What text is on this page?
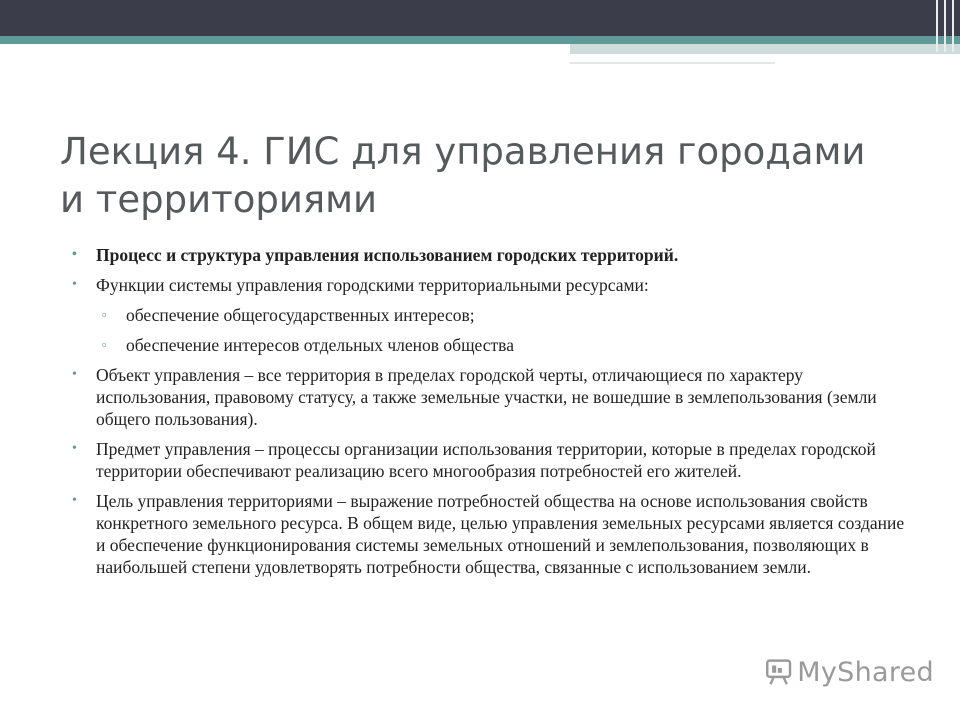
Лекция 4. ГИС для управления городами
и территориями
• Процесс и структура управления использованием городских территорий.
• Функции системы управления городскими территориальными ресурсами:
▫ обеспечение общегосударственных интересов;
▫ обеспечение интересов отдельных членов общества
• Объект управления – все территория в пределах городской черты, отличающиеся по характеру использования, правовому статусу, а также земельные участки, не вошедшие в землепользования (земли общего пользования).
• Предмет управления – процессы организации использования территории, которые в пределах городской территории обеспечивают реализацию всего многообразия потребностей его жителей.
• Цель управления территориями – выражение потребностей общества на основе использования свойств конкретного земельного ресурса. В общем виде, целью управления земельных ресурсами является создание и обеспечение функционирования системы земельных отношений и землепользования, позволяющих в наибольшей степени удовлетворять потребности общества, связанные с использованием земли.
MyShared
